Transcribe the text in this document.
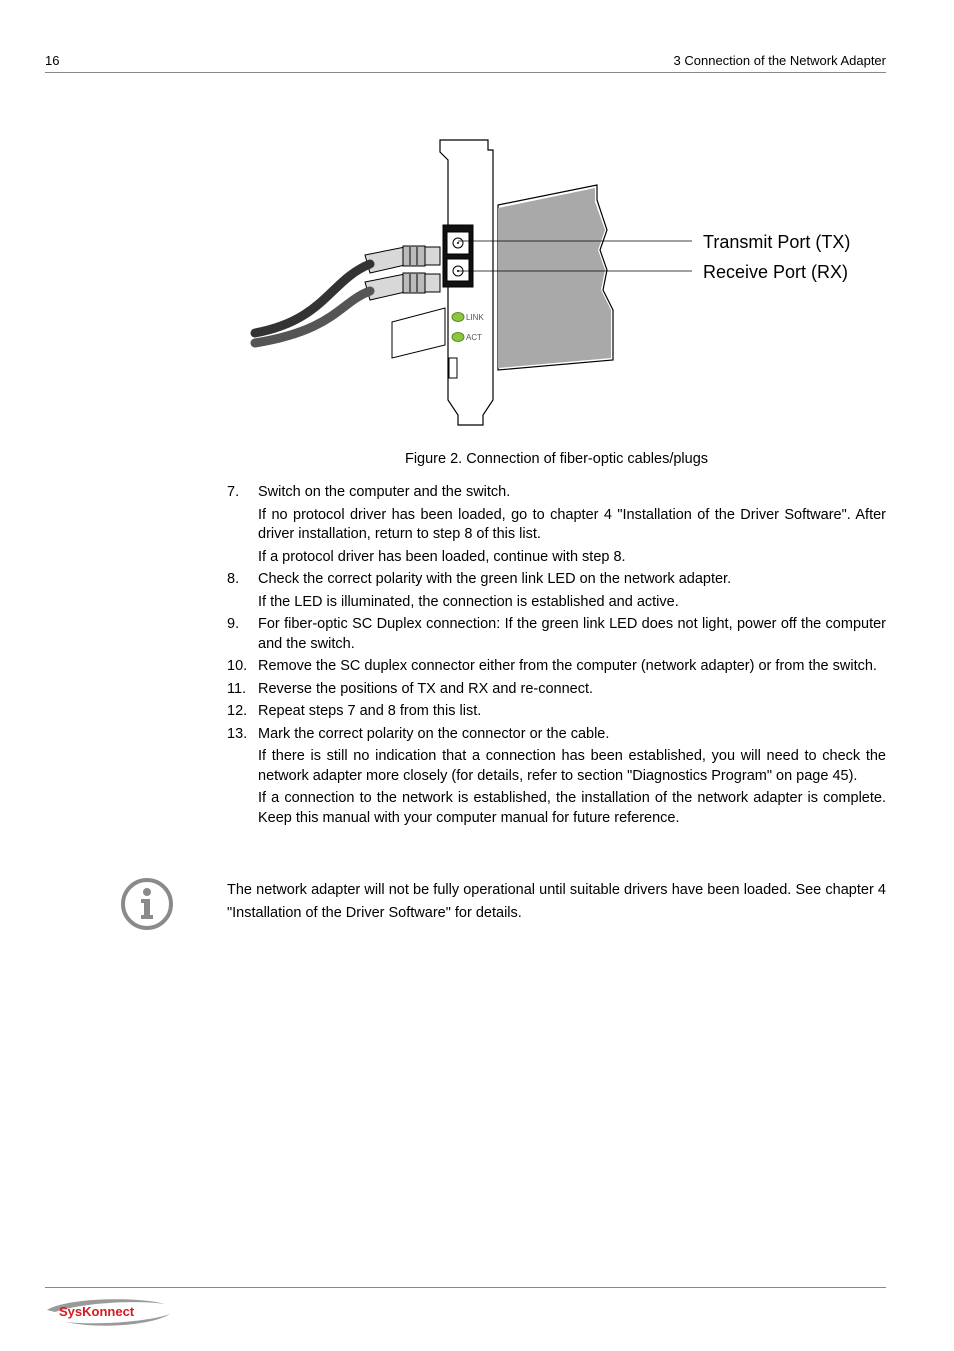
16	3 Connection of the Network Adapter
LINK
ACT
Transmit Port (TX)
Receive Port (RX)
Figure 2. Connection of fiber-optic cables/plugs
7.	Switch on the computer and the switch.
If no protocol driver has been loaded, go to chapter 4 "Installation of the Driver Software". After driver installation, return to step 8 of this list.
If a protocol driver has been loaded, continue with step 8.
8.	Check the correct polarity with the green link LED on the network adapter.
If the LED is illuminated, the connection is established and active.
9.	For fiber-optic SC Duplex connection: If the green link LED does not light, power off the computer and the switch.
10. Remove the SC duplex connector either from the computer (network adapter) or from the switch.
11. Reverse the positions of TX and RX and re-connect.
12. Repeat steps 7 and 8 from this list.
13. Mark the correct polarity on the connector or the cable.
If there is still no indication that a connection has been established, you will need to check the network adapter more closely (for details, refer to section "Diagnostics Program" on page 45).
If a connection to the network is established, the installation of the network adapter is complete. Keep this manual with your computer manual for future reference.
The network adapter will not be fully operational until suitable drivers have been loaded. See chapter 4 "Installation of the Driver Software" for details.
SysKonnect
